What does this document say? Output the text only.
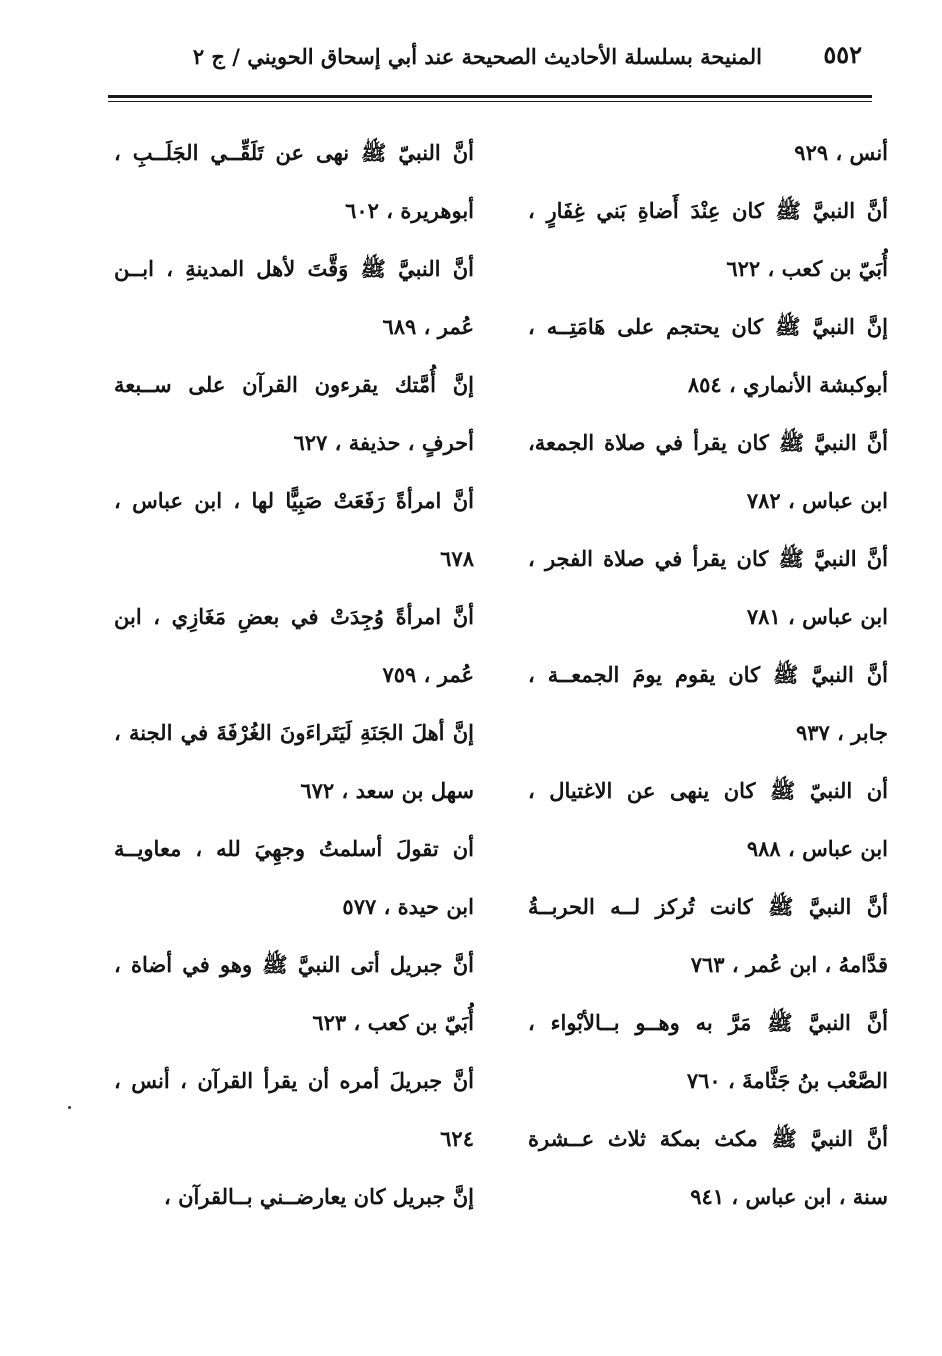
٥٥٢
المنيحة بسلسلة الأحاديث الصحيحة عند أبي إسحاق الحويني / ج ٢
أنس ، ٩٢٩
أنَّ النبيَّ ﷺ كان عِنْدَ أَضاةِ بَني غِفَارٍ ،
أُبَيّ بن كعب ، ٦٢٢
إنَّ النبيَّ ﷺ كان يحتجم على هَامَتِــه ،
أبوكبشة الأنماري ، ٨٥٤
أنَّ النبيَّ ﷺ كان يقرأ في صلاة الجمعة،
ابن عباس ، ٧٨٢
أنَّ النبيَّ ﷺ كان يقرأ في صلاة الفجر ،
ابن عباس ، ٧٨١
أنَّ النبيَّ ﷺ كان يقوم يومَ الجمعــة ،
جابر ، ٩٣٧
أن النبيّ ﷺ كان ينهى عن الاغتيال ،
ابن عباس ، ٩٨٨
أنَّ النبيَّ ﷺ كانت تُركز لــه الحربــةُ
قدَّامهُ ، ابن عُمر ، ٧٦٣
أنَّ النبيَّ ﷺ مَرَّ به وهــو بــالأبْواء ،
الصَّعْب بنُ جَثَّامةَ ، ٧٦٠
أنَّ النبيَّ ﷺ مكث بمكة ثلاث عــشرة
سنة ، ابن عباس ، ٩٤١
أنَّ النبيّ ﷺ نهى عن تَلَقِّــي الجَلَــبِ ،
أبوهريرة ، ٦٠٢
أنَّ النبيَّ ﷺ وَقَّتَ لأهل المدينةِ ، ابــن
عُمر ، ٦٨٩
إنَّ أُمَّتك يقرءون القرآن على ســبعة
أحرفٍ ، حذيفة ، ٦٢٧
أنَّ امرأةً رَفَعَتْ صَبِيًّا لها ، ابن عباس ،
٦٧٨
أنَّ امرأةً وُجِدَتْ في بعضِ مَغَازِي ، ابن
عُمر ، ٧٥٩
إنَّ أهلَ الجَنَةِ لَيَتَراءَونَ الغُرْفَةَ في الجنة ،
سهل بن سعد ، ٦٧٢
أن تقولَ أسلمتُ وجهِيَ لله ، معاويــة
ابن حيدة ، ٥٧٧
أنَّ جبريل أتى النبيَّ ﷺ وهو في أضاة ،
أُبَيّ بن كعب ، ٦٢٣
أنَّ جبريلَ أمره أن يقرأ القرآن ، أنس ،
٦٢٤
إنَّ جبريل كان يعارضــني بــالقرآن ،
